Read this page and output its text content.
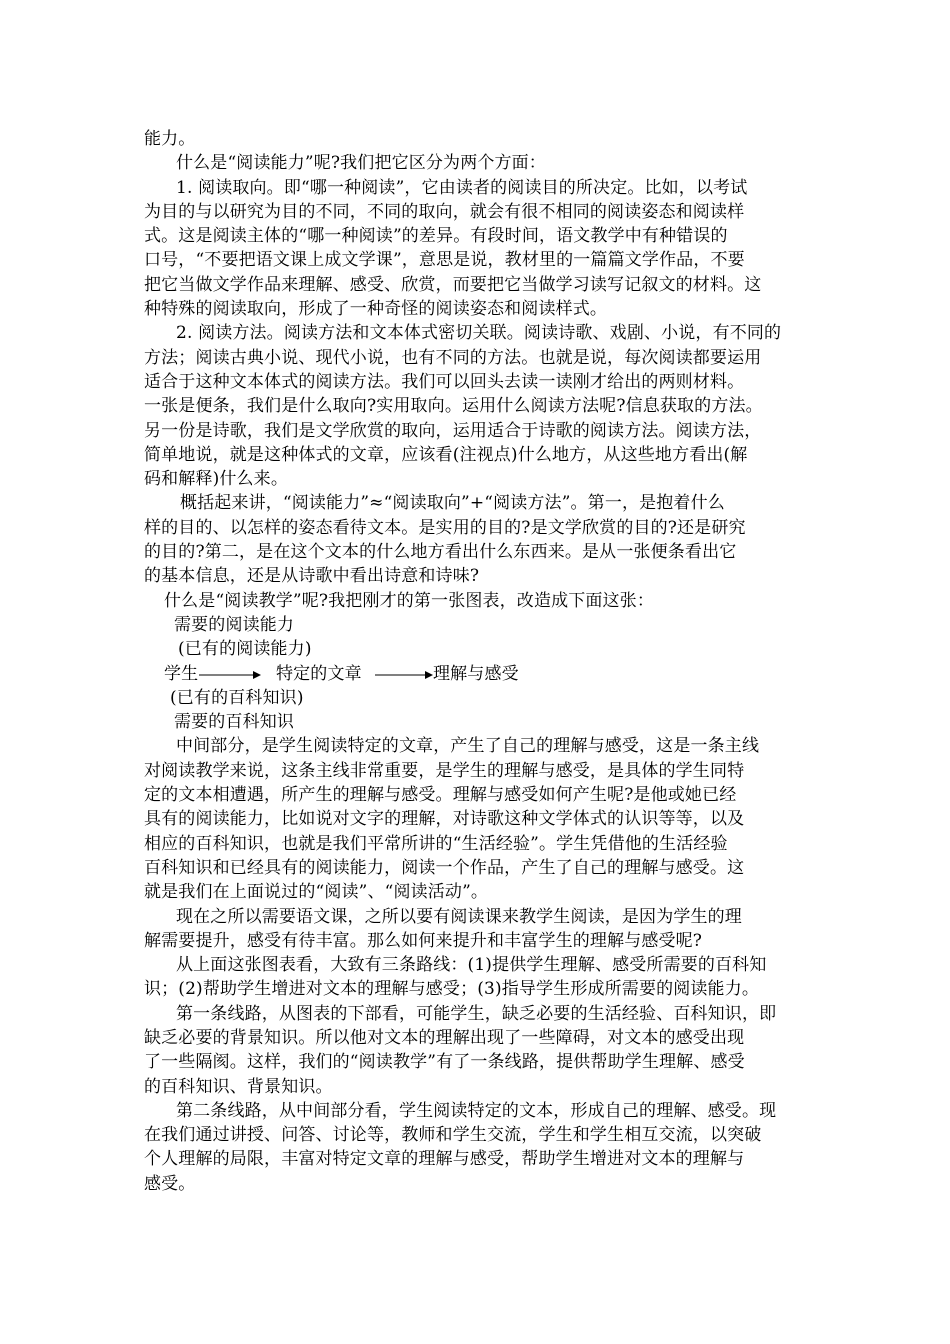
能力。
什么是“阅读能力”呢?我们把它区分为两个方面：
1. 阅读取向。即“哪一种阅读”，它由读者的阅读目的所决定。比如，以考试
为目的与以研究为目的不同，不同的取向，就会有很不相同的阅读姿态和阅读样
式。这是阅读主体的“哪一种阅读”的差异。有段时间，语文教学中有种错误的
口号，“不要把语文课上成文学课”，意思是说，教材里的一篇篇文学作品，不要
把它当做文学作品来理解、感受、欣赏，而要把它当做学习读写记叙文的材料。这
种特殊的阅读取向，形成了一种奇怪的阅读姿态和阅读样式。
2. 阅读方法。阅读方法和文本体式密切关联。阅读诗歌、戏剧、小说，有不同的
方法；阅读古典小说、现代小说，也有不同的方法。也就是说，每次阅读都要运用
适合于这种文本体式的阅读方法。我们可以回头去读一读刚才给出的两则材料。
一张是便条，我们是什么取向?实用取向。运用什么阅读方法呢?信息获取的方法。
另一份是诗歌，我们是文学欣赏的取向，运用适合于诗歌的阅读方法。阅读方法，
简单地说，就是这种体式的文章，应该看(注视点)什么地方，从这些地方看出(解
码和解释)什么来。
概括起来讲，“阅读能力”≈“阅读取向”+“阅读方法”。第一，是抱着什么
样的目的、以怎样的姿态看待文本。是实用的目的?是文学欣赏的目的?还是研究
的目的?第二，是在这个文本的什么地方看出什么东西来。是从一张便条看出它
的基本信息，还是从诗歌中看出诗意和诗味?
什么是“阅读教学”呢?我把刚才的第一张图表，改造成下面这张：
需要的阅读能力
(已有的阅读能力)
学生	特定的文章	理解与感受
(已有的百科知识)
需要的百科知识
中间部分，是学生阅读特定的文章，产生了自己的理解与感受，这是一条主线
对阅读教学来说，这条主线非常重要，是学生的理解与感受，是具体的学生同特
定的文本相遭遇，所产生的理解与感受。理解与感受如何产生呢?是他或她已经
具有的阅读能力，比如说对文字的理解，对诗歌这种文学体式的认识等等，以及
相应的百科知识，也就是我们平常所讲的“生活经验”。学生凭借他的生活经验
百科知识和已经具有的阅读能力，阅读一个作品，产生了自己的理解与感受。这
就是我们在上面说过的“阅读”、“阅读活动”。
现在之所以需要语文课，之所以要有阅读课来教学生阅读，是因为学生的理
解需要提升，感受有待丰富。那么如何来提升和丰富学生的理解与感受呢?
从上面这张图表看，大致有三条路线：(1)提供学生理解、感受所需要的百科知
识；(2)帮助学生增进对文本的理解与感受；(3)指导学生形成所需要的阅读能力。
第一条线路，从图表的下部看，可能学生，缺乏必要的生活经验、百科知识，即
缺乏必要的背景知识。所以他对文本的理解出现了一些障碍，对文本的感受出现
了一些隔阂。这样，我们的“阅读教学”有了一条线路，提供帮助学生理解、感受
的百科知识、背景知识。
第二条线路，从中间部分看，学生阅读特定的文本，形成自己的理解、感受。现
在我们通过讲授、问答、讨论等，教师和学生交流，学生和学生相互交流，以突破
个人理解的局限，丰富对特定文章的理解与感受，帮助学生增进对文本的理解与
感受。
